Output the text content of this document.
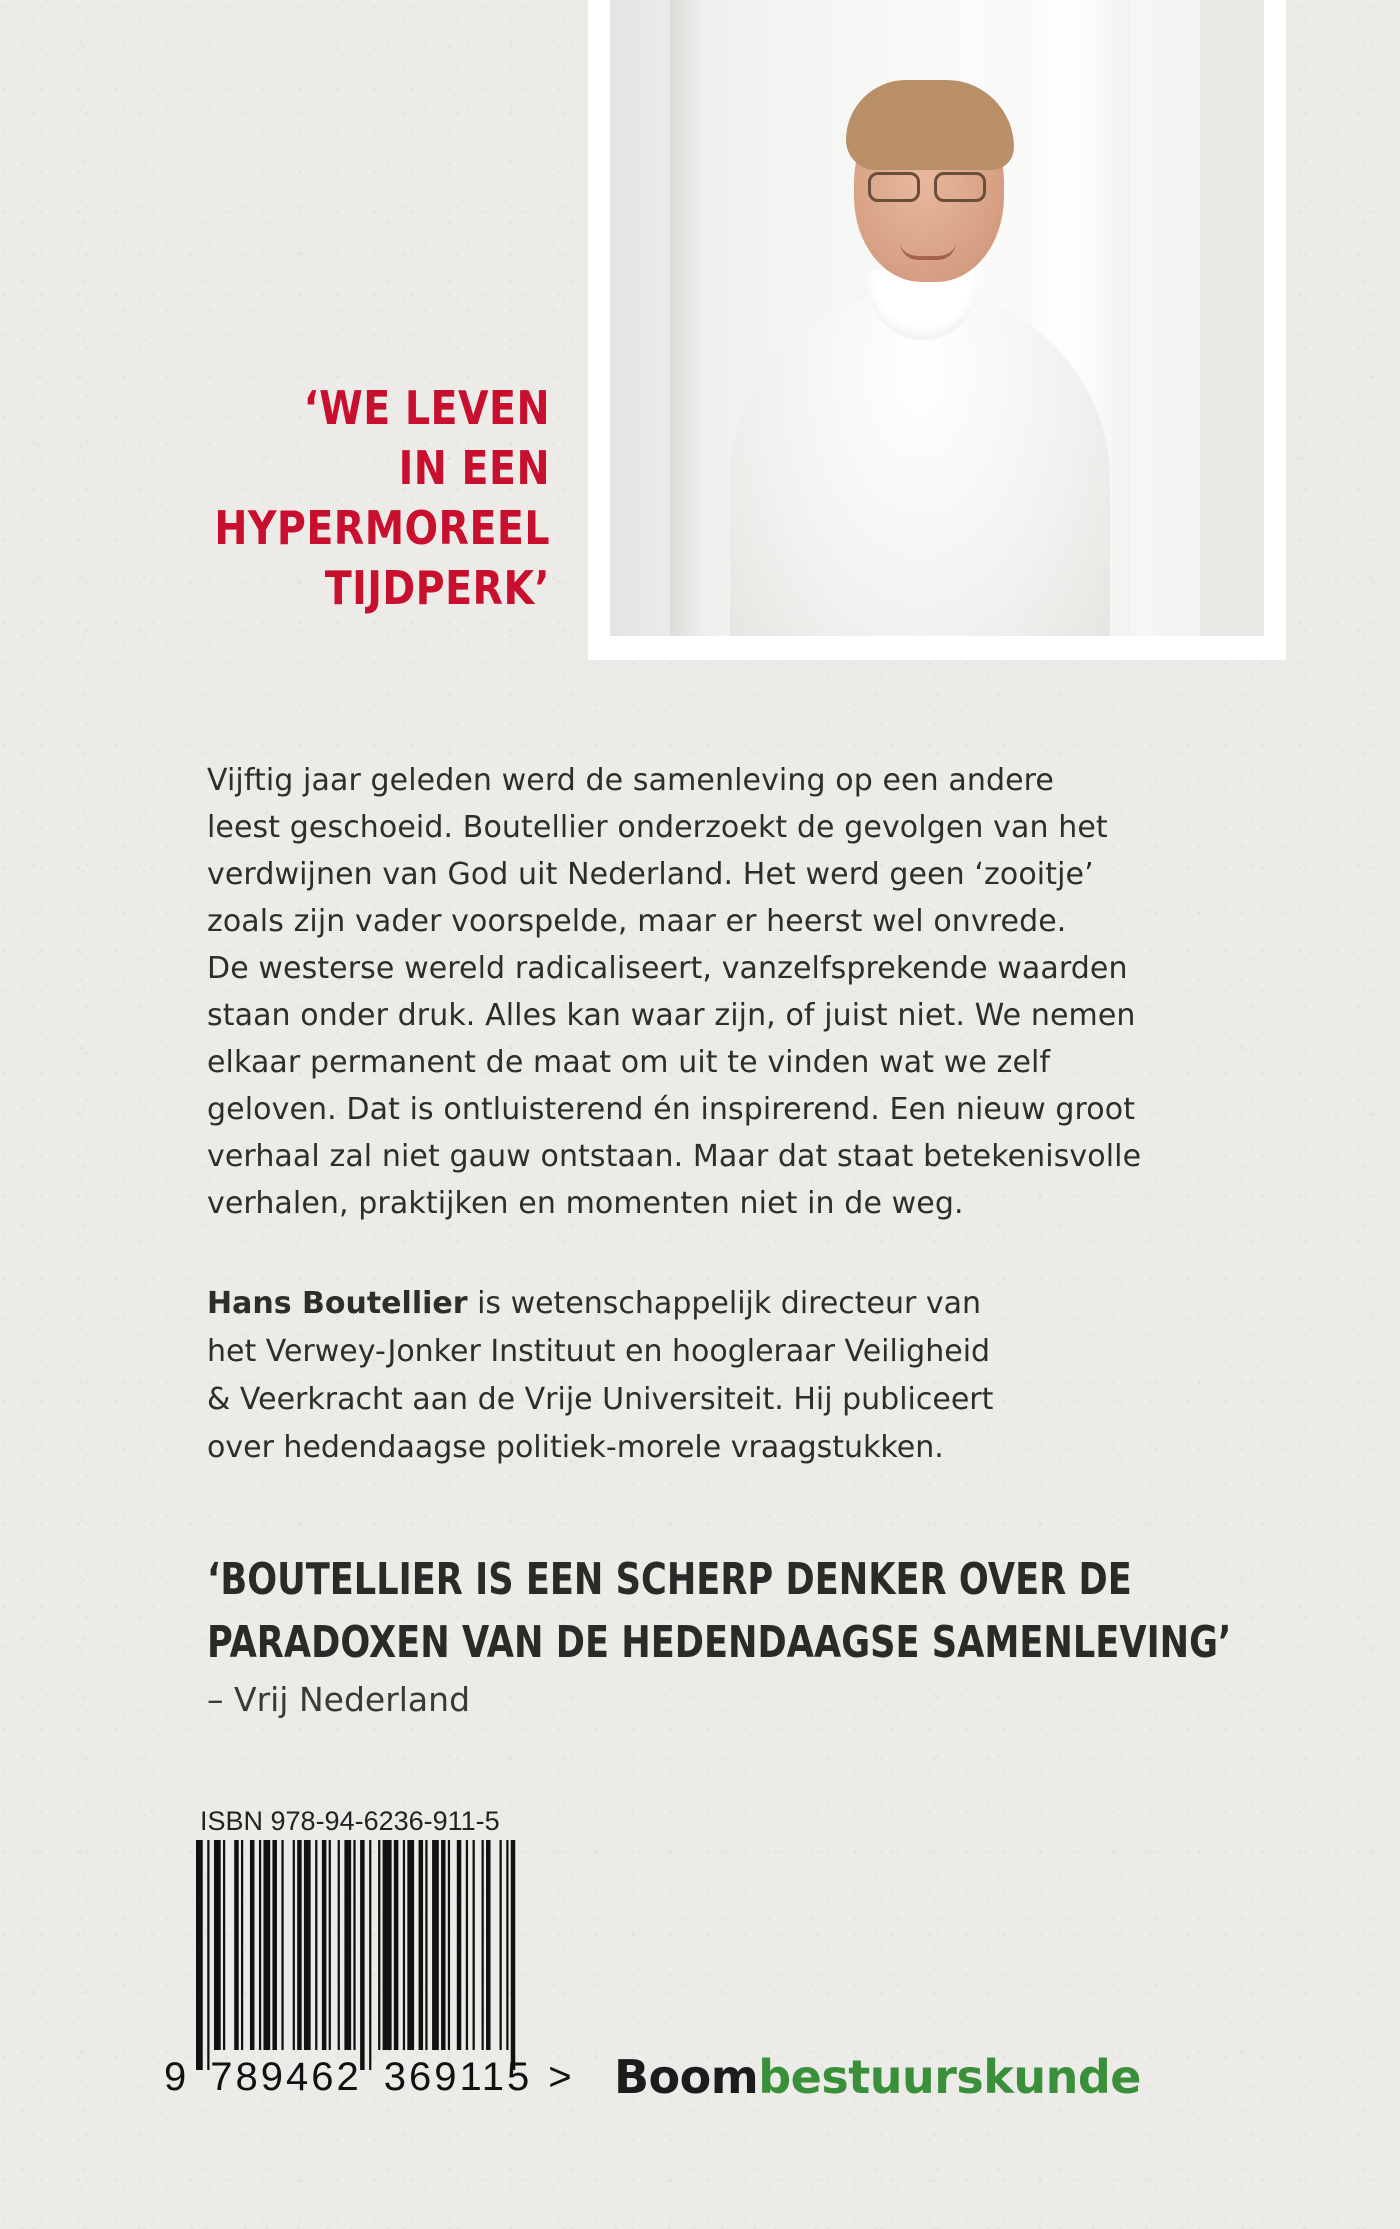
‘WE LEVEN
IN EEN
HYPERMOREEL
TIJDPERK’
Vijftig jaar geleden werd de samenleving op een andere
leest geschoeid. Boutellier onderzoekt de gevolgen van het
verdwijnen van God uit Nederland. Het werd geen ‘zooitje’
zoals zijn vader voorspelde, maar er heerst wel onvrede.
De westerse wereld radicaliseert, vanzelfsprekende waarden
staan onder druk. Alles kan waar zijn, of juist niet. We nemen
elkaar permanent de maat om uit te vinden wat we zelf
geloven. Dat is ontluisterend én inspirerend. Een nieuw groot
verhaal zal niet gauw ontstaan. Maar dat staat betekenisvolle
verhalen, praktijken en momenten niet in de weg.
Hans Boutellier is wetenschappelijk directeur van
het Verwey-Jonker Instituut en hoogleraar Veiligheid
& Veerkracht aan de Vrije Universiteit. Hij publiceert
over hedendaagse politiek-morele vraagstukken.
‘BOUTELLIER IS EEN SCHERP DENKER OVER DE
PARADOXEN VAN DE HEDENDAAGSE SAMENLEVING’
– Vrij Nederland
ISBN 978-94-6236-911-5
9 789462 369115 > Boombestuurskunde
